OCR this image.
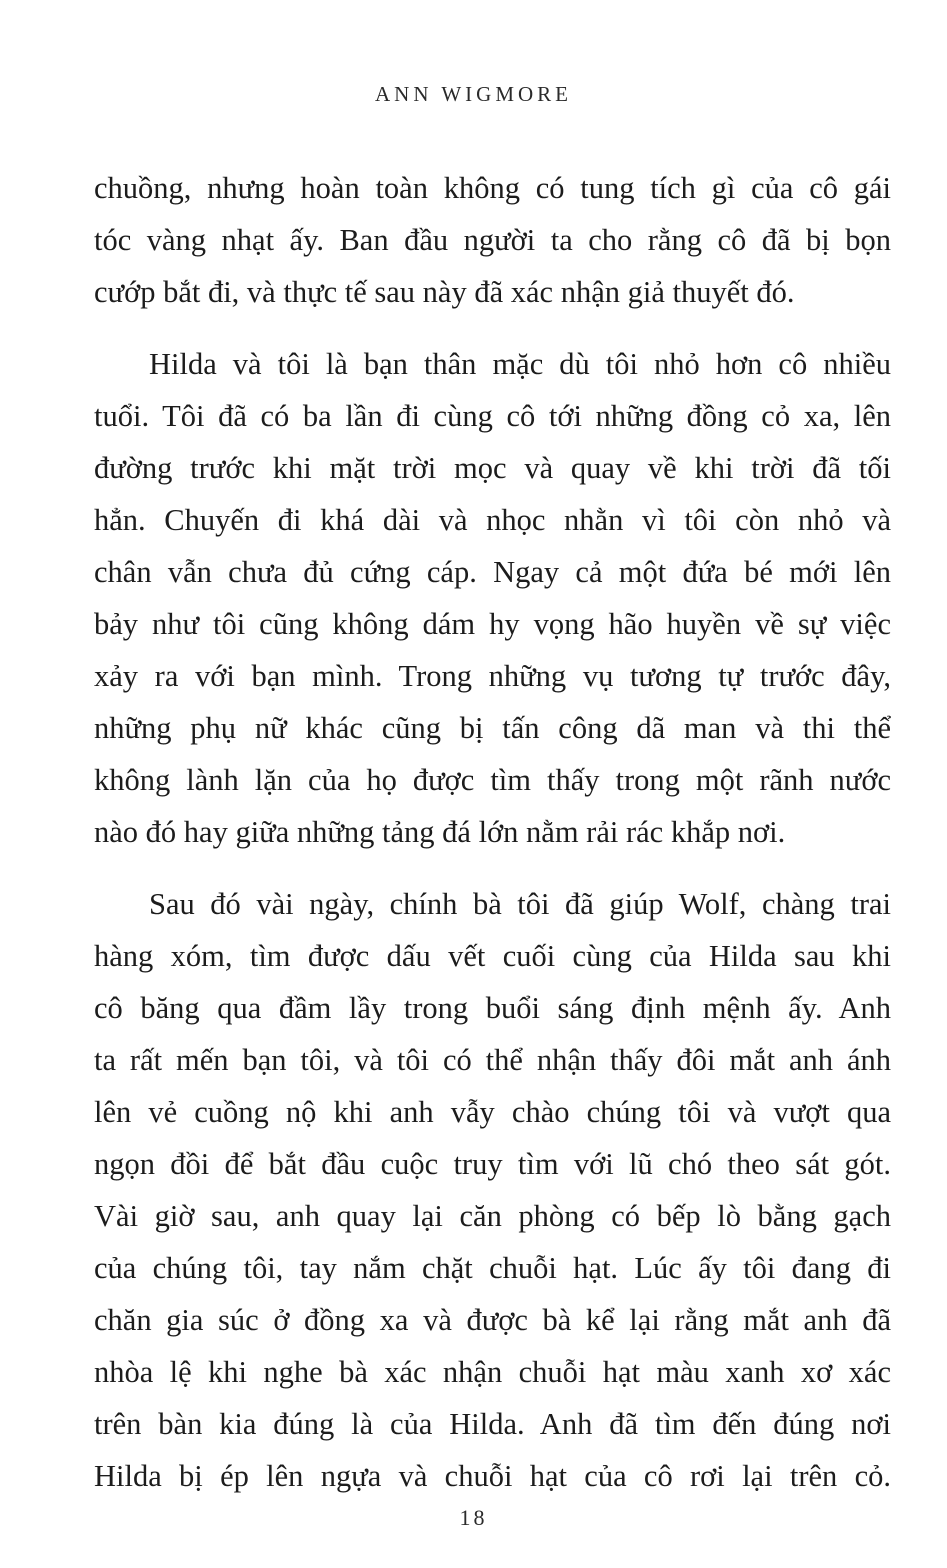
ANN WIGMORE
chuồng, nhưng hoàn toàn không có tung tích gì của cô gái
tóc vàng nhạt ấy. Ban đầu người ta cho rằng cô đã bị bọn
cướp bắt đi, và thực tế sau này đã xác nhận giả thuyết đó.
Hilda và tôi là bạn thân mặc dù tôi nhỏ hơn cô nhiều
tuổi. Tôi đã có ba lần đi cùng cô tới những đồng cỏ xa, lên
đường trước khi mặt trời mọc và quay về khi trời đã tối
hẳn. Chuyến đi khá dài và nhọc nhằn vì tôi còn nhỏ và
chân vẫn chưa đủ cứng cáp. Ngay cả một đứa bé mới lên
bảy như tôi cũng không dám hy vọng hão huyền về sự việc
xảy ra với bạn mình. Trong những vụ tương tự trước đây,
những phụ nữ khác cũng bị tấn công dã man và thi thể
không lành lặn của họ được tìm thấy trong một rãnh nước
nào đó hay giữa những tảng đá lớn nằm rải rác khắp nơi.
Sau đó vài ngày, chính bà tôi đã giúp Wolf, chàng trai
hàng xóm, tìm được dấu vết cuối cùng của Hilda sau khi
cô băng qua đầm lầy trong buổi sáng định mệnh ấy. Anh
ta rất mến bạn tôi, và tôi có thể nhận thấy đôi mắt anh ánh
lên vẻ cuồng nộ khi anh vẫy chào chúng tôi và vượt qua
ngọn đồi để bắt đầu cuộc truy tìm với lũ chó theo sát gót.
Vài giờ sau, anh quay lại căn phòng có bếp lò bằng gạch
của chúng tôi, tay nắm chặt chuỗi hạt. Lúc ấy tôi đang đi
chăn gia súc ở đồng xa và được bà kể lại rằng mắt anh đã
nhòa lệ khi nghe bà xác nhận chuỗi hạt màu xanh xơ xác
trên bàn kia đúng là của Hilda. Anh đã tìm đến đúng nơi
Hilda bị ép lên ngựa và chuỗi hạt của cô rơi lại trên cỏ.
18
